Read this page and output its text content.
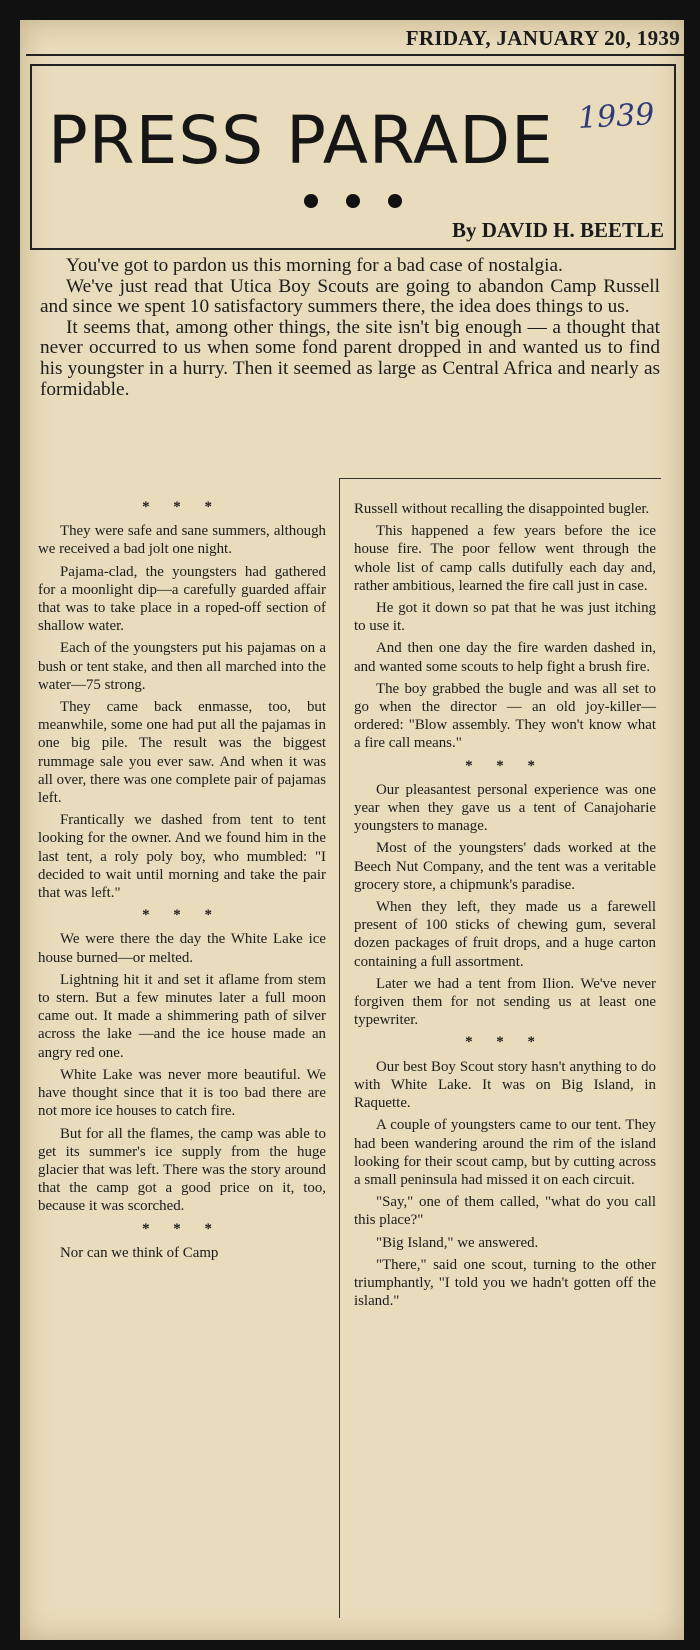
FRIDAY, JANUARY 20, 1939
PRESS PARADE 1939
By DAVID H. BEETLE

You've got to pardon us this morning for a bad case of nostalgia.

We've just read that Utica Boy Scouts are going to abandon Camp Russell and since we spent 10 satisfactory summers there, the idea does things to us.

It seems that, among other things, the site isn't big enough — a thought that never occurred to us when some fond parent dropped in and wanted us to find his youngster in a hurry. Then it seemed as large as Central Africa and nearly as formidable.

* * *

They were safe and sane summers, although we received a bad jolt one night.

Pajama-clad, the youngsters had gathered for a moonlight dip—a carefully guarded affair that was to take place in a roped-off section of shallow water.

Each of the youngsters put his pajamas on a bush or tent stake, and then all marched into the water—75 strong.

They came back enmasse, too, but meanwhile, some one had put all the pajamas in one big pile. The result was the biggest rummage sale you ever saw. And when it was all over, there was one complete pair of pajamas left.

Frantically we dashed from tent to tent looking for the owner. And we found him in the last tent, a roly poly boy, who mumbled: "I decided to wait until morning and take the pair that was left."

* * *

We were there the day the White Lake ice house burned—or melted.

Lightning hit it and set it aflame from stem to stern. But a few minutes later a full moon came out. It made a shimmering path of silver across the lake —and the ice house made an angry red one.

White Lake was never more beautiful. We have thought since that it is too bad there are not more ice houses to catch fire.

But for all the flames, the camp was able to get its summer's ice supply from the huge glacier that was left. There was the story around that the camp got a good price on it, too, because it was scorched.

* * *

Nor can we think of Camp

Russell without recalling the disappointed bugler.

This happened a few years before the ice house fire. The poor fellow went through the whole list of camp calls dutifully each day and, rather ambitious, learned the fire call just in case.

He got it down so pat that he was just itching to use it.

And then one day the fire warden dashed in, and wanted some scouts to help fight a brush fire.

The boy grabbed the bugle and was all set to go when the director — an old joy-killer—ordered: "Blow assembly. They won't know what a fire call means."

* * *

Our pleasantest personal experience was one year when they gave us a tent of Canajoharie youngsters to manage.

Most of the youngsters' dads worked at the Beech Nut Company, and the tent was a veritable grocery store, a chipmunk's paradise.

When they left, they made us a farewell present of 100 sticks of chewing gum, several dozen packages of fruit drops, and a huge carton containing a full assortment.

Later we had a tent from Ilion. We've never forgiven them for not sending us at least one typewriter.

* * *

Our best Boy Scout story hasn't anything to do with White Lake. It was on Big Island, in Raquette.

A couple of youngsters came to our tent. They had been wandering around the rim of the island looking for their scout camp, but by cutting across a small peninsula had missed it on each circuit.

"Say," one of them called, "what do you call this place?"

"Big Island," we answered.

"There," said one scout, turning to the other triumphantly, "I told you we hadn't gotten off the island."
